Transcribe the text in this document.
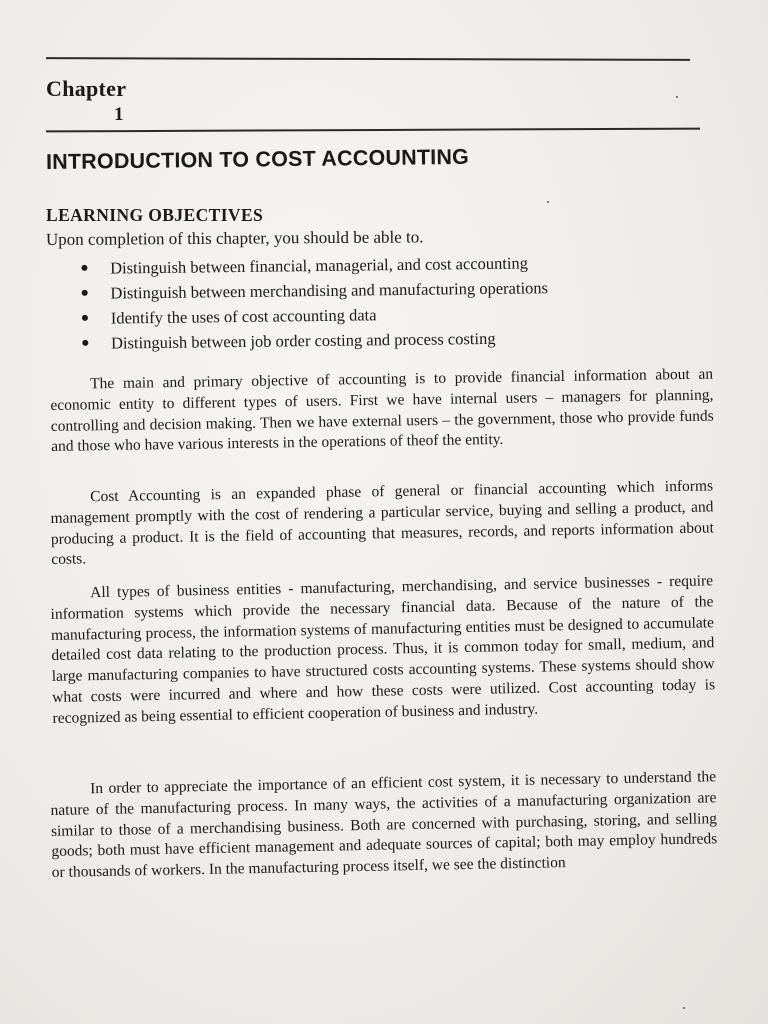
Chapter
1
INTRODUCTION TO COST ACCOUNTING
LEARNING OBJECTIVES
Upon completion of this chapter, you should be able to.
● Distinguish between financial, managerial, and cost accounting
● Distinguish between merchandising and manufacturing operations
● Identify the uses of cost accounting data
● Distinguish between job order costing and process costing

The main and primary objective of accounting is to provide financial information about an economic entity to different types of users. First we have internal users – managers for planning, controlling and decision making. Then we have external users – the government, those who provide funds and those who have various interests in the operations of theof the entity.

Cost Accounting is an expanded phase of general or financial accounting which informs management promptly with the cost of rendering a particular service, buying and selling a product, and producing a product. It is the field of accounting that measures, records, and reports information about costs.

All types of business entities - manufacturing, merchandising, and service businesses - require information systems which provide the necessary financial data. Because of the nature of the manufacturing process, the information systems of manufacturing entities must be designed to accumulate detailed cost data relating to the production process. Thus, it is common today for small, medium, and large manufacturing companies to have structured costs accounting systems. These systems should show what costs were incurred and where and how these costs were utilized. Cost accounting today is recognized as being essential to efficient cooperation of business and industry.

In order to appreciate the importance of an efficient cost system, it is necessary to understand the nature of the manufacturing process. In many ways, the activities of a manufacturing organization are similar to those of a merchandising business. Both are concerned with purchasing, storing, and selling goods; both must have efficient management and adequate sources of capital; both may employ hundreds or thousands of workers. In the manufacturing process itself, we see the distinction
